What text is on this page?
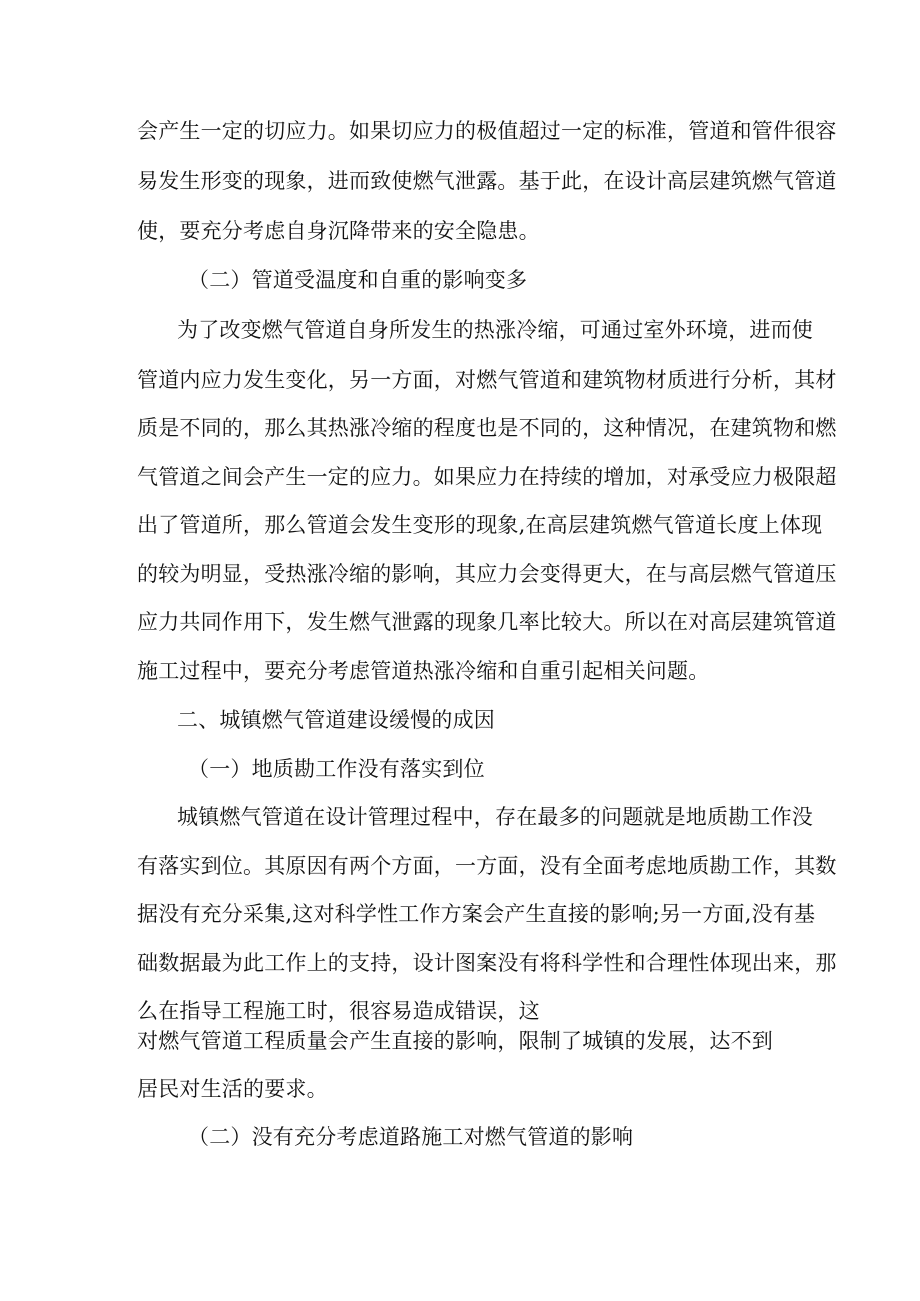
会产生一定的切应力。如果切应力的极值超过一定的标准，管道和管件很容
易发生形变的现象，进而致使燃气泄露。基于此，在设计高层建筑燃气管道
使，要充分考虑自身沉降带来的安全隐患。
（二）管道受温度和自重的影响变多
为了改变燃气管道自身所发生的热涨冷缩，可通过室外环境，进而使
管道内应力发生变化，另一方面，对燃气管道和建筑物材质进行分析，其材
质是不同的，那么其热涨冷缩的程度也是不同的，这种情况，在建筑物和燃
气管道之间会产生一定的应力。如果应力在持续的增加，对承受应力极限超
出了管道所，那么管道会发生变形的现象,在高层建筑燃气管道长度上体现
的较为明显，受热涨冷缩的影响，其应力会变得更大，在与高层燃气管道压
应力共同作用下，发生燃气泄露的现象几率比较大。所以在对高层建筑管道
施工过程中，要充分考虑管道热涨冷缩和自重引起相关问题。
二、城镇燃气管道建设缓慢的成因
（一）地质勘工作没有落实到位
城镇燃气管道在设计管理过程中，存在最多的问题就是地质勘工作没
有落实到位。其原因有两个方面，一方面，没有全面考虑地质勘工作，其数
据没有充分采集,这对科学性工作方案会产生直接的影响;另一方面,没有基
础数据最为此工作上的支持，设计图案没有将科学性和合理性体现出来，那
么在指导工程施工时，很容易造成错误，这
对燃气管道工程质量会产生直接的影响，限制了城镇的发展，达不到
居民对生活的要求。
（二）没有充分考虑道路施工对燃气管道的影响
